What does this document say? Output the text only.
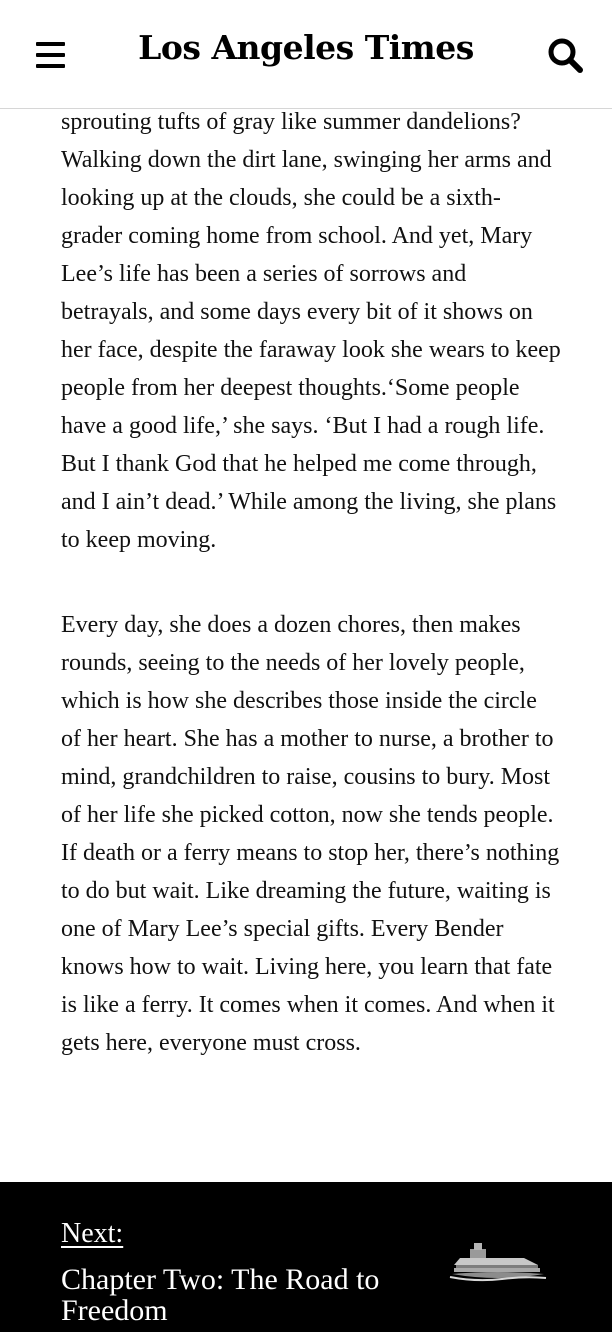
Los Angeles Times

sprouting tufts of gray like summer dandelions? Walking down the dirt lane, swinging her arms and looking up at the clouds, she could be a sixth-grader coming home from school. And yet, Mary Lee’s life has been a series of sorrows and betrayals, and some days every bit of it shows on her face, despite the faraway look she wears to keep people from her deepest thoughts.‘Some people have a good life,’ she says. ‘But I had a rough life. But I thank God that he helped me come through, and I ain’t dead.’ While among the living, she plans to keep moving.

Every day, she does a dozen chores, then makes rounds, seeing to the needs of her lovely people, which is how she describes those inside the circle of her heart. She has a mother to nurse, a brother to mind, grandchildren to raise, cousins to bury. Most of her life she picked cotton, now she tends people. If death or a ferry means to stop her, there’s nothing to do but wait. Like dreaming the future, waiting is one of Mary Lee’s special gifts. Every Bender knows how to wait. Living here, you learn that fate is like a ferry. It comes when it comes. And when it gets here, everyone must cross.

Next:
Chapter Two: The Road to Freedom
